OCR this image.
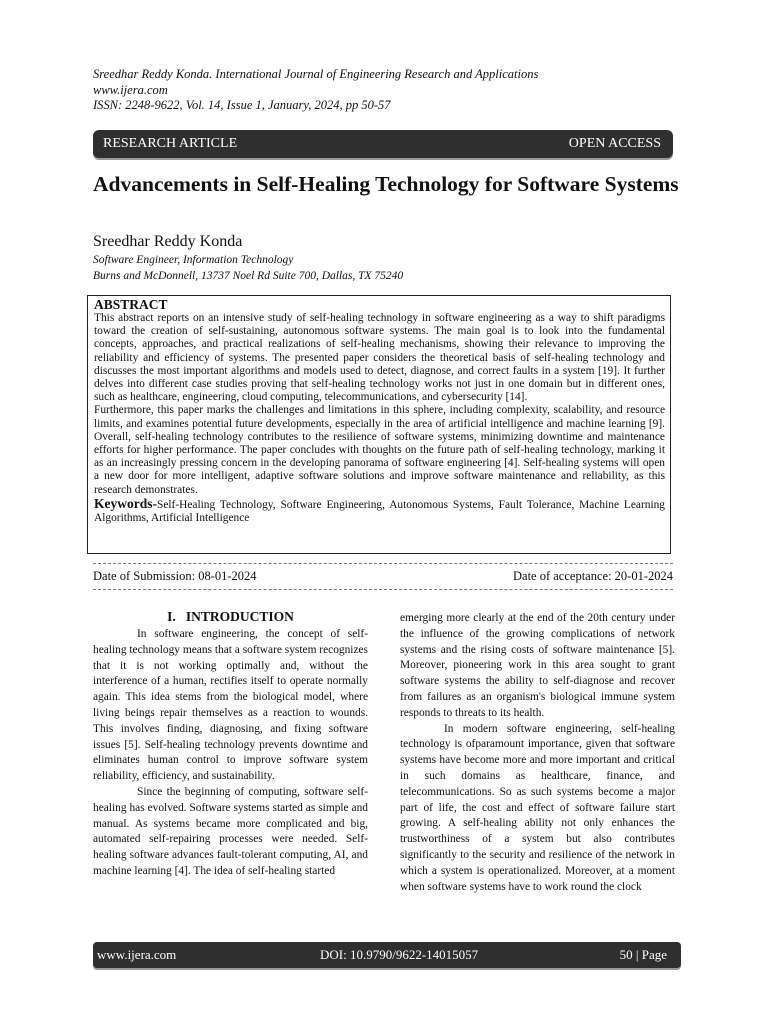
Sreedhar Reddy Konda. International Journal of Engineering Research and Applications
www.ijera.com
ISSN: 2248-9622, Vol. 14, Issue 1, January, 2024, pp 50-57
RESEARCH ARTICLE	OPEN ACCESS
Advancements in Self-Healing Technology for Software Systems
Sreedhar Reddy Konda
Software Engineer, Information Technology
Burns and McDonnell, 13737 Noel Rd Suite 700, Dallas, TX 75240
ABSTRACT

This abstract reports on an intensive study of self-healing technology in software engineering as a way to shift paradigms toward the creation of self-sustaining, autonomous software systems. The main goal is to look into the fundamental concepts, approaches, and practical realizations of self-healing mechanisms, showing their relevance to improving the reliability and efficiency of systems. The presented paper considers the theoretical basis of self-healing technology and discusses the most important algorithms and models used to detect, diagnose, and correct faults in a system [19]. It further delves into different case studies proving that self-healing technology works not just in one domain but in different ones, such as healthcare, engineering, cloud computing, telecommunications, and cybersecurity [14].

Furthermore, this paper marks the challenges and limitations in this sphere, including complexity, scalability, and resource limits, and examines potential future developments, especially in the area of artificial intelligence and machine learning [9]. Overall, self-healing technology contributes to the resilience of software systems, minimizing downtime and maintenance efforts for higher performance. The paper concludes with thoughts on the future path of self-healing technology, marking it as an increasingly pressing concern in the developing panorama of software engineering [4]. Self-healing systems will open a new door for more intelligent, adaptive software solutions and improve software maintenance and reliability, as this research demonstrates.

Keywords-Self-Healing Technology, Software Engineering, Autonomous Systems, Fault Tolerance, Machine Learning Algorithms, Artificial Intelligence

Date of Submission: 08-01-2024	Date of acceptance: 20-01-2024
I.   INTRODUCTION

In software engineering, the concept of self-healing technology means that a software system recognizes that it is not working optimally and, without the interference of a human, rectifies itself to operate normally again. This idea stems from the biological model, where living beings repair themselves as a reaction to wounds. This involves finding, diagnosing, and fixing software issues [5]. Self-healing technology prevents downtime and eliminates human control to improve software system reliability, efficiency, and sustainability.

Since the beginning of computing, software self-healing has evolved. Software systems started as simple and manual. As systems became more complicated and big, automated self-repairing processes were needed. Self-healing software advances fault-tolerant computing, AI, and machine learning [4]. The idea of self-healing started

emerging more clearly at the end of the 20th century under the influence of the growing complications of network systems and the rising costs of software maintenance [5]. Moreover, pioneering work in this area sought to grant software systems the ability to self-diagnose and recover from failures as an organism's biological immune system responds to threats to its health.

In modern software engineering, self-healing technology is ofparamount importance, given that software systems have become more and more important and critical in such domains as healthcare, finance, and telecommunications. So as such systems become a major part of life, the cost and effect of software failure start growing. A self-healing ability not only enhances the trustworthiness of a system but also contributes significantly to the security and resilience of the network in which a system is operationalized. Moreover, at a moment when software systems have to work round the clock

www.ijera.com	DOI: 10.9790/9622-14015057	50 | Page
